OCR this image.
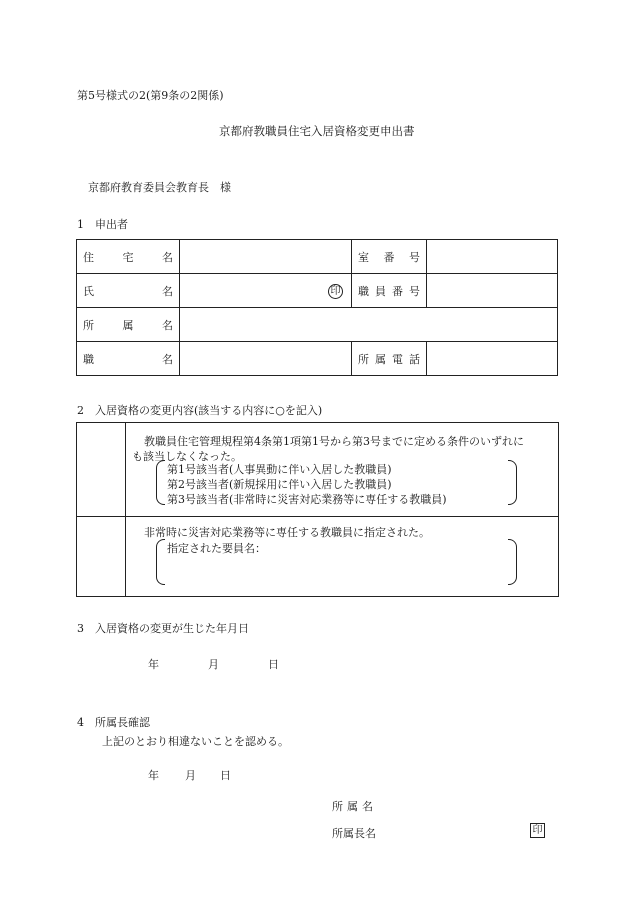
第5号様式の2(第9条の2関係)
京都府教職員住宅入居資格変更申出書
京都府教育委員会教育長　様
1　申出者
住 宅 名		室 番 号	

氏 名	印	職 員 番 号	

所 属 名			

職 名		所 属 電 話	

2　入居資格の変更内容(該当する内容に○を記入)
教職員住宅管理規程第4条第1項第1号から第3号までに定める条件のいずれに
も該当しなくなった。
第1号該当者(人事異動に伴い入居した教職員)
第2号該当者(新規採用に伴い入居した教職員)
第3号該当者(非常時に災害対応業務等に専任する教職員)
非常時に災害対応業務等に専任する教職員に指定された。
指定された要員名：
3　入居資格の変更が生じた年月日
年	月	日
4　所属長確認
上記のとおり相違ないことを認める。
年 月 日
所属名
所属長名	印
